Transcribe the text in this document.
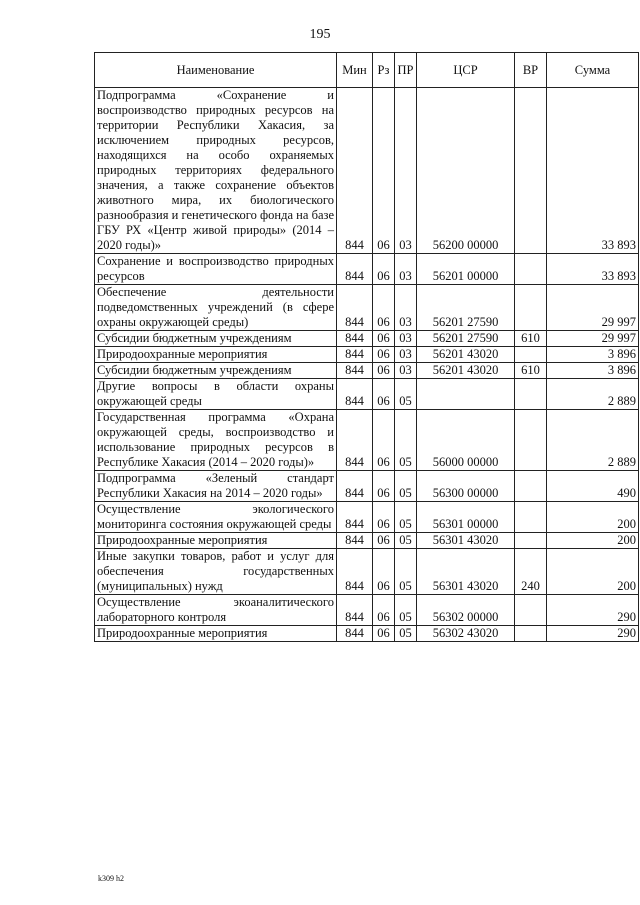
195
Наименование	Мин	Рз	ПР	ЦСР	ВР	Сумма
Подпрограмма «Сохранение и воспроизводство природных ресурсов на территории Республики Хакасия, за исключением природных ресурсов, находящихся на особо охраняемых природных территориях федерального значения, а также сохранение объектов животного мира, их биологического разнообразия и генетического фонда на базе ГБУ РХ «Центр живой природы» (2014 – 2020 годы)»	844	06	03	56200 00000		33 893
Сохранение и воспроизводство природных ресурсов	844	06	03	56201 00000		33 893
Обеспечение деятельности подведомственных учреждений (в сфере охраны окружающей среды)	844	06	03	56201 27590		29 997
Субсидии бюджетным учреждениям	844	06	03	56201 27590	610	29 997
Природоохранные мероприятия	844	06	03	56201 43020		3 896
Субсидии бюджетным учреждениям	844	06	03	56201 43020	610	3 896
Другие вопросы в области охраны окружающей среды	844	06	05			2 889
Государственная программа «Охрана окружающей среды, воспроизводство и использование природных ресурсов в Республике Хакасия (2014 – 2020 годы)»	844	06	05	56000 00000		2 889
Подпрограмма «Зеленый стандарт Республики Хакасия на 2014 – 2020 годы»	844	06	05	56300 00000		490
Осуществление экологического мониторинга состояния окружающей среды	844	06	05	56301 00000		200
Природоохранные мероприятия	844	06	05	56301 43020		200
Иные закупки товаров, работ и услуг для обеспечения государственных (муниципальных) нужд	844	06	05	56301 43020	240	200
Осуществление экоаналитического лабораторного контроля	844	06	05	56302 00000		290
Природоохранные мероприятия	844	06	05	56302 43020		290
k309 h2
